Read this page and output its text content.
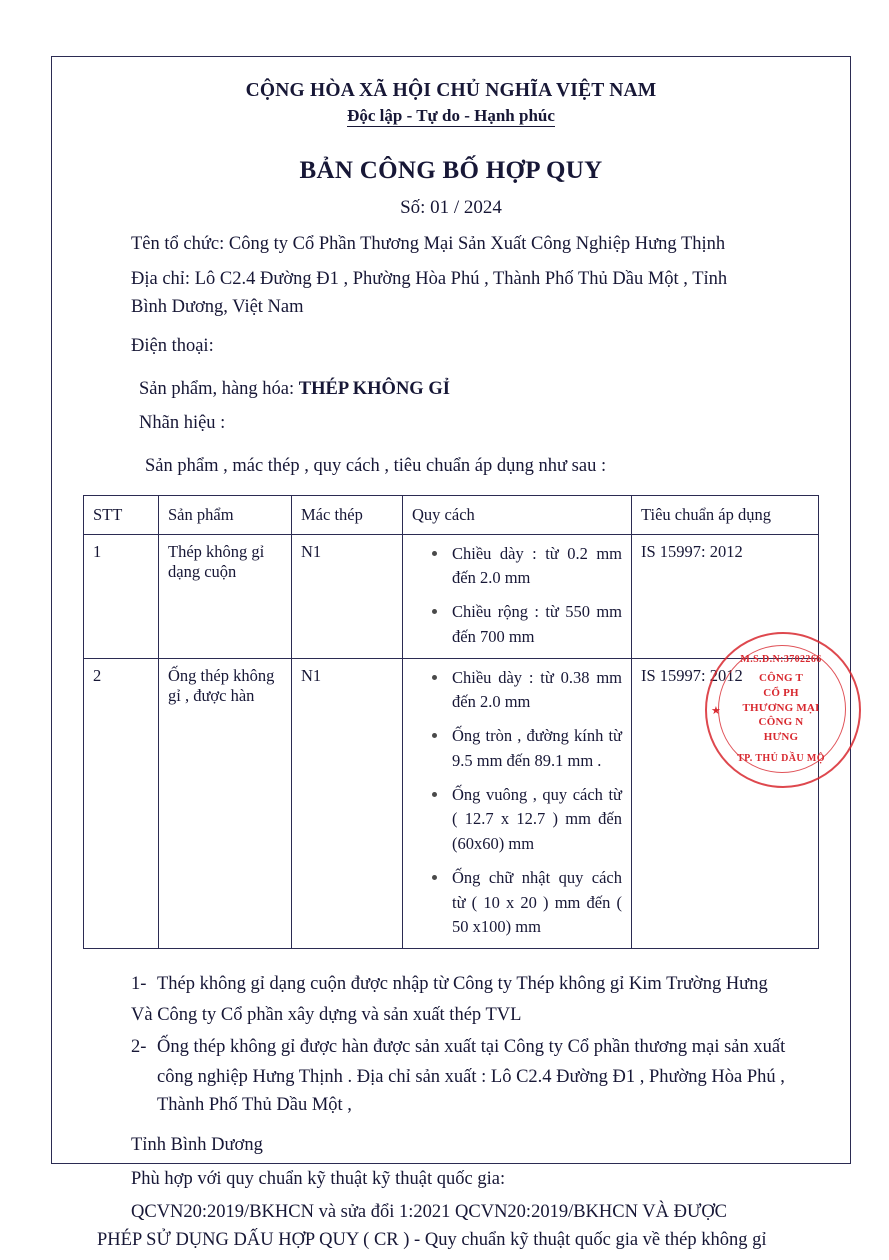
CỘNG HÒA XÃ HỘI CHỦ NGHĨA VIỆT NAM
Độc lập - Tự do - Hạnh phúc
BẢN CÔNG BỐ HỢP QUY
Số: 01 / 2024
Tên tổ chức: Công ty Cổ Phần Thương Mại Sản Xuất Công Nghiệp Hưng Thịnh
Địa chỉ: Lô C2.4 Đường Đ1 , Phường Hòa Phú , Thành Phố Thủ Dầu Một , Tỉnh
Bình Dương, Việt Nam
Điện thoại:
Sản phẩm, hàng hóa: THÉP KHÔNG GỈ
Nhãn hiệu :
Sản phẩm , mác thép , quy cách , tiêu chuẩn áp dụng như sau :
STT	Sản phẩm	Mác thép	Quy cách	Tiêu chuẩn áp dụng
1	Thép không gỉ dạng cuộn	N1	Chiều dày : từ 0.2 mm đến 2.0 mm
Chiều rộng : từ 550 mm đến 700 mm
	IS 15997: 2012
2	Ống thép không gỉ , được hàn	N1	Chiều dày : từ 0.38 mm đến 2.0 mm
Ống tròn , đường kính từ 9.5 mm đến 89.1 mm .
Ống vuông , quy cách từ ( 12.7 x 12.7 ) mm đến (60x60) mm
Ống chữ nhật quy cách từ ( 10 x 20 ) mm đến ( 50 x100) mm
	IS 15997: 2012
1- Thép không gỉ dạng cuộn được nhập từ Công ty Thép không gỉ Kim Trường Hưng
Và Công ty Cổ phần xây dựng và sản xuất thép TVL
2- Ống thép không gỉ được hàn được sản xuất tại Công ty Cổ phần thương mại sản xuất
công nghiệp Hưng Thịnh . Địa chỉ sản xuất : Lô C2.4 Đường Đ1 , Phường Hòa Phú ,
Thành Phố Thủ Dầu Một ,
Tỉnh Bình Dương
Phù hợp với quy chuẩn kỹ thuật kỹ thuật quốc gia:
QCVN20:2019/BKHCN và sửa đổi 1:2021 QCVN20:2019/BKHCN VÀ ĐƯỢC
PHÉP SỬ DỤNG DẤU HỢP QUY ( CR ) - Quy chuẩn kỹ thuật quốc gia về thép không gỉ
M.S.D.N:3702266
★
CÔNG T
CỔ PH
THƯƠNG MẠI
CÔNG N
HƯNG
TP. THỦ DẦU MỘ
